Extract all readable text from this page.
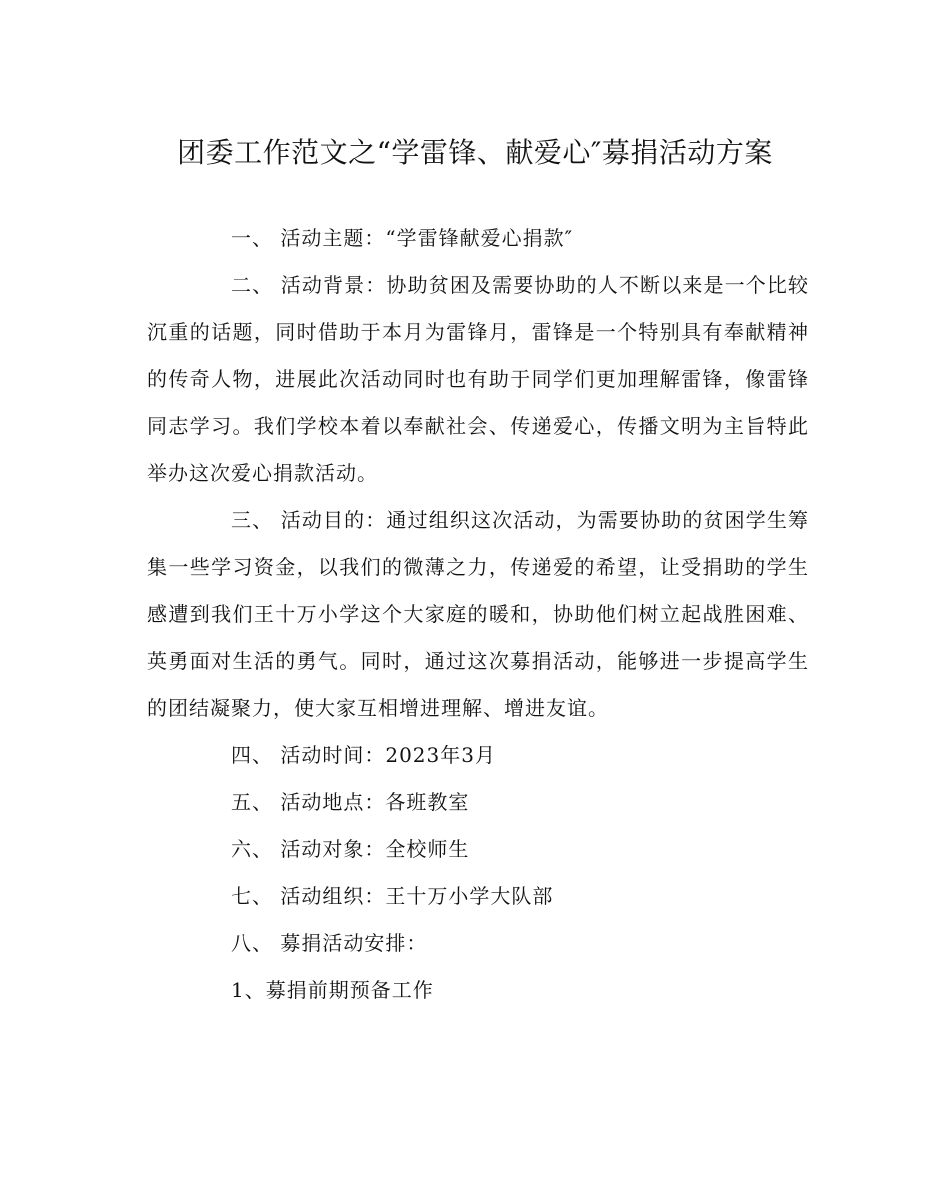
团委工作范文之“学雷锋、献爱心″募捐活动方案

一、 活动主题：“学雷锋献爱心捐款″

二、 活动背景：协助贫困及需要协助的人不断以来是一个比较沉重的话题，同时借助于本月为雷锋月，雷锋是一个特别具有奉献精神的传奇人物，进展此次活动同时也有助于同学们更加理解雷锋，像雷锋同志学习。我们学校本着以奉献社会、传递爱心，传播文明为主旨特此举办这次爱心捐款活动。

三、 活动目的：通过组织这次活动，为需要协助的贫困学生筹集一些学习资金，以我们的微薄之力，传递爱的希望，让受捐助的学生感遭到我们王十万小学这个大家庭的暖和，协助他们树立起战胜困难、英勇面对生活的勇气。同时，通过这次募捐活动，能够进一步提高学生的团结凝聚力，使大家互相增进理解、增进友谊。

四、 活动时间：2023年3月

五、 活动地点：各班教室

六、 活动对象：全校师生

七、 活动组织：王十万小学大队部

八、 募捐活动安排：

1、募捐前期预备工作
